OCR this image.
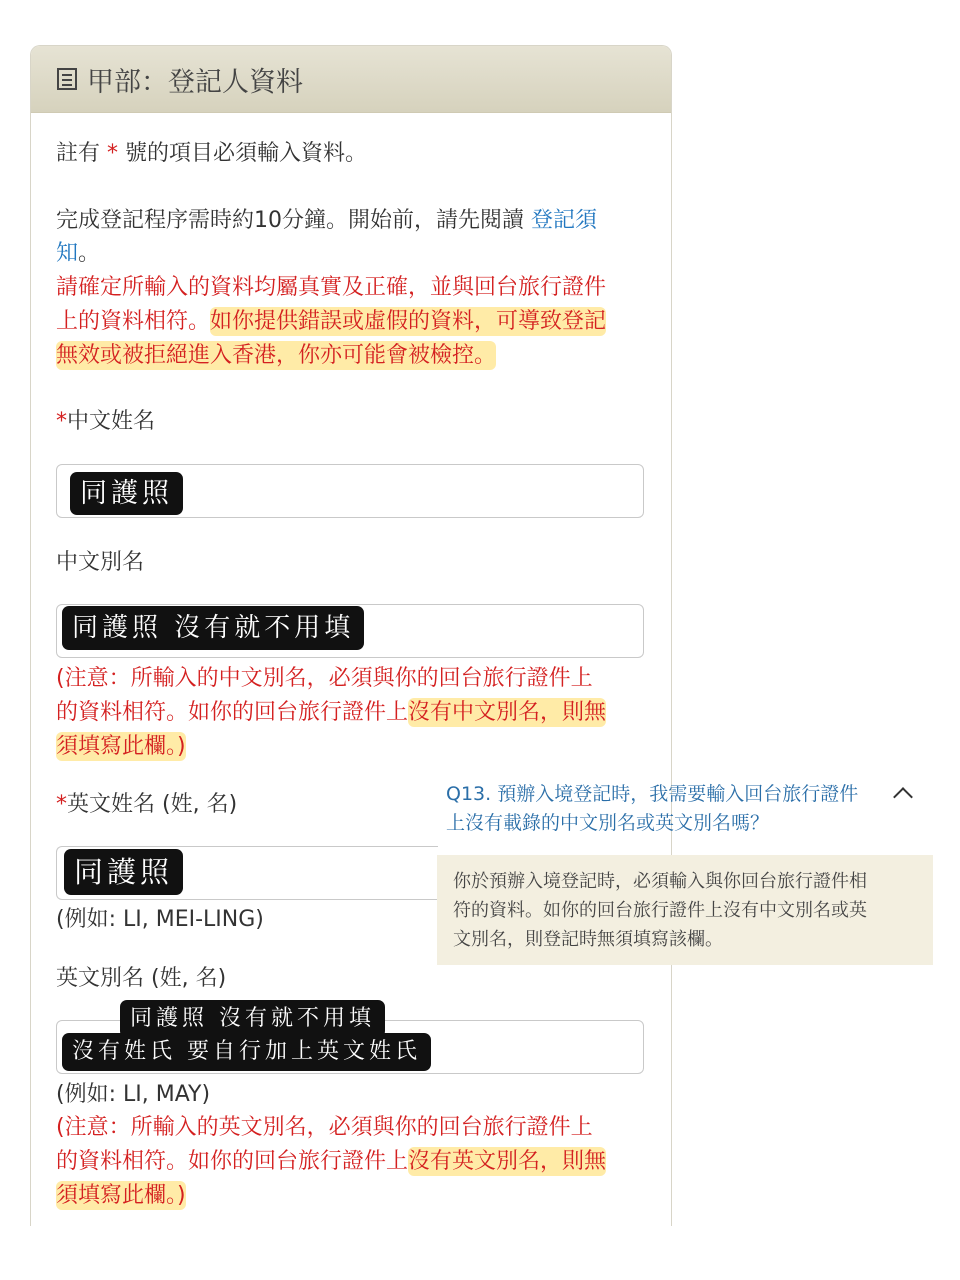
甲部：登記人資料
註有 * 號的項目必須輸入資料。
完成登記程序需時約10分鐘。開始前，請先閱讀 登記須
知。
請確定所輸入的資料均屬真實及正確，並與回台旅行證件
上的資料相符。如你提供錯誤或虛假的資料，可導致登記
無效或被拒絕進入香港，你亦可能會被檢控。
*中文姓名
同護照
中文別名
同護照 沒有就不用填
(注意：所輸入的中文別名，必須與你的回台旅行證件上
的資料相符。如你的回台旅行證件上沒有中文別名，則無
須填寫此欄。)
*英文姓名 (姓, 名)
同護照
(例如: LI, MEI-LING)
英文別名 (姓, 名)
同護照 沒有就不用填
沒有姓氏 要自行加上英文姓氏
(例如: LI, MAY)
(注意：所輸入的英文別名，必須與你的回台旅行證件上
的資料相符。如你的回台旅行證件上沒有英文別名，則無
須填寫此欄。)
Q13. 預辦入境登記時，我需要輸入回台旅行證件
上沒有載錄的中文別名或英文別名嗎？
你於預辦入境登記時，必須輸入與你回台旅行證件相
符的資料。如你的回台旅行證件上沒有中文別名或英
文別名，則登記時無須填寫該欄。
